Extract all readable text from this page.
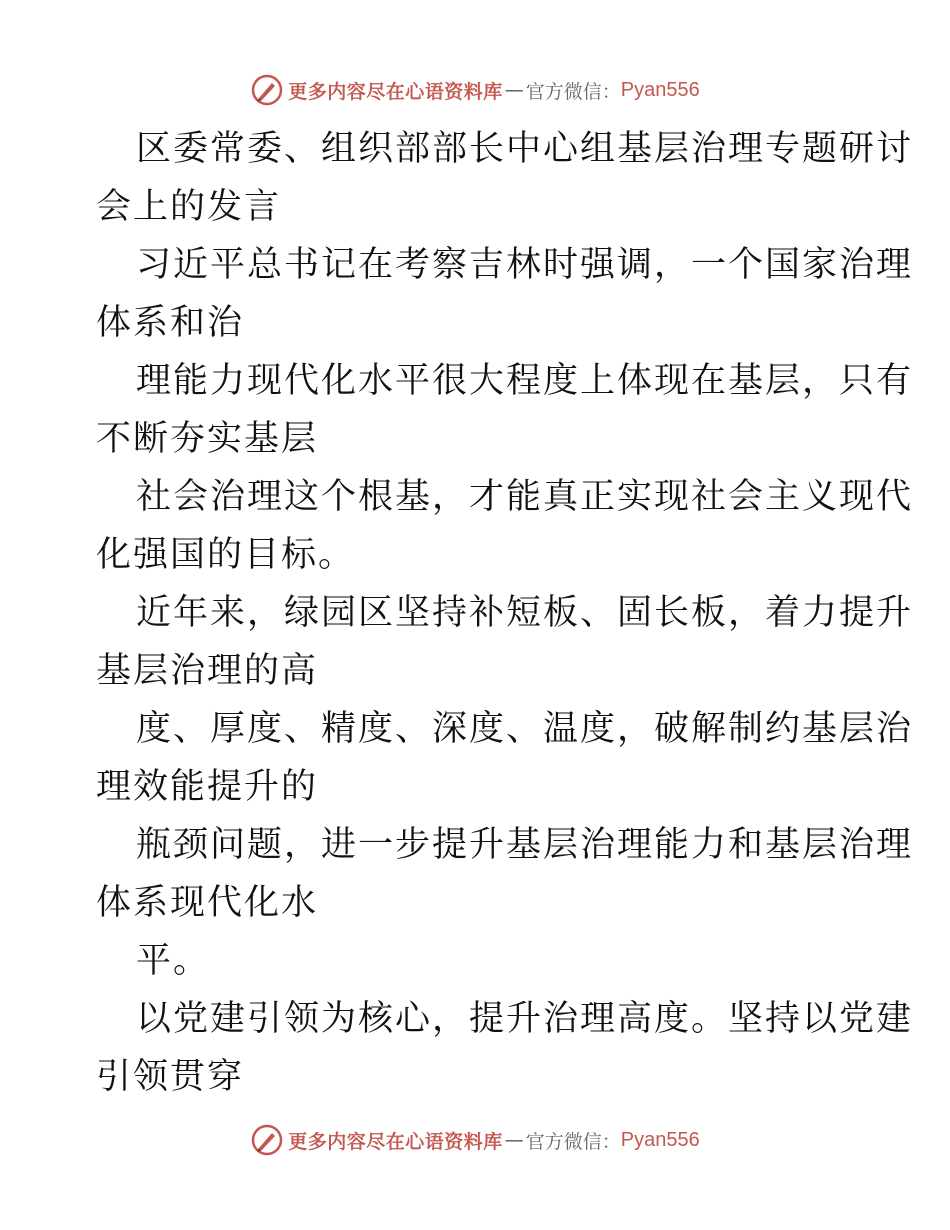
更多内容尽在心语资料库 — 官方微信： Pyan556
区委常委、组织部部长中心组基层治理专题研讨
会上的发言
习近平总书记在考察吉林时强调，一个国家治理
体系和治
理能力现代化水平很大程度上体现在基层，只有
不断夯实基层
社会治理这个根基，才能真正实现社会主义现代
化强国的目标。
近年来，绿园区坚持补短板、固长板，着力提升
基层治理的高
度、厚度、精度、深度、温度，破解制约基层治
理效能提升的
瓶颈问题，进一步提升基层治理能力和基层治理
体系现代化水
平。
以党建引领为核心，提升治理高度。坚持以党建
引领贯穿
更多内容尽在心语资料库 — 官方微信： Pyan556
